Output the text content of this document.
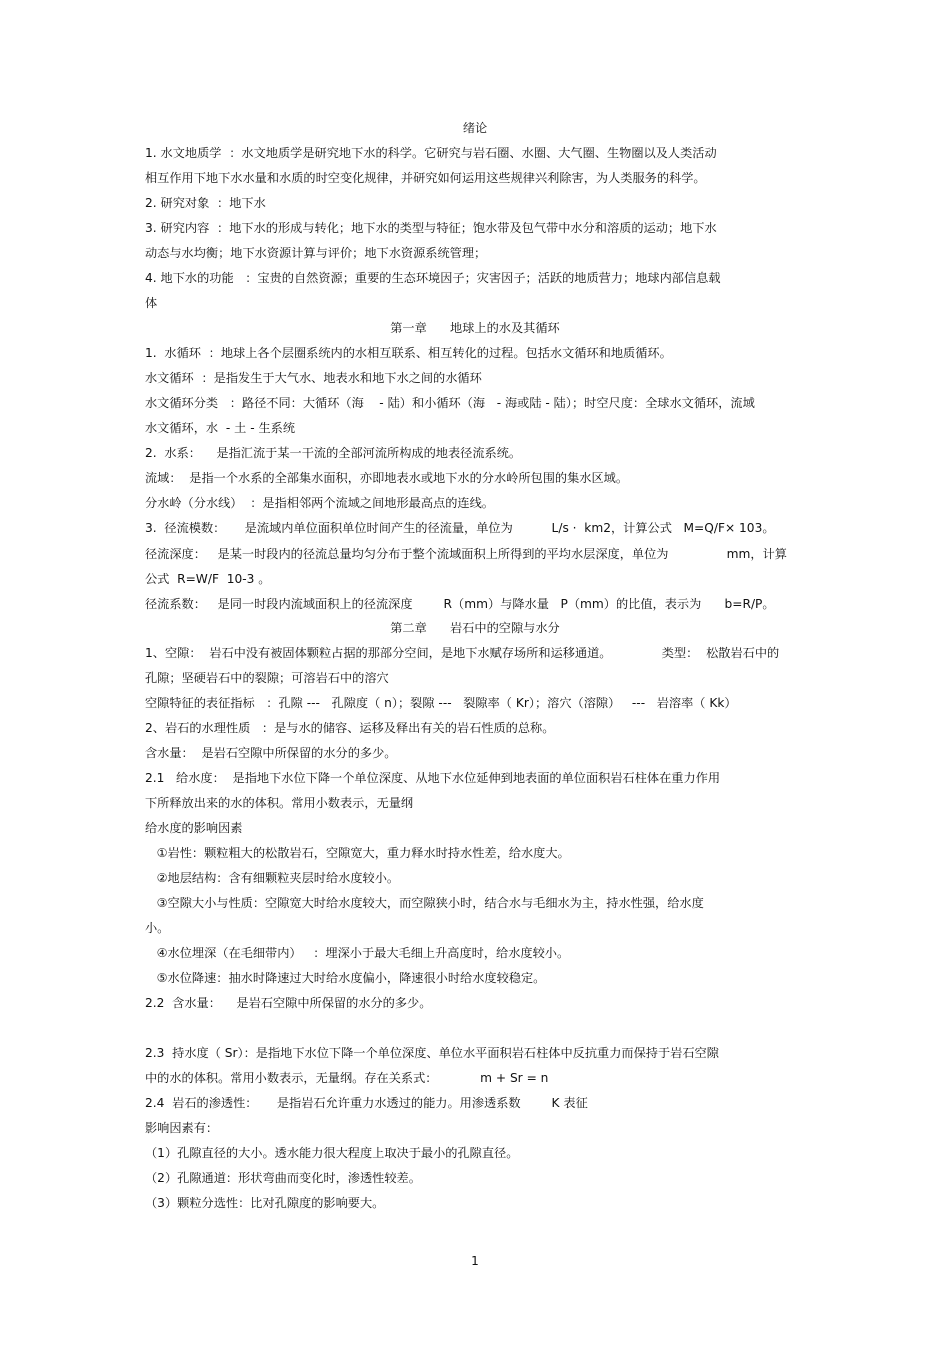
绪论
1. 水文地质学  ：水文地质学是研究地下水的科学。它研究与岩石圈、水圈、大气圈、生物圈以及人类活动
相互作用下地下水水量和水质的时空变化规律，并研究如何运用这些规律兴利除害，为人类服务的科学。
2. 研究对象  ：地下水
3. 研究内容  ：地下水的形成与转化；地下水的类型与特征；饱水带及包气带中水分和溶质的运动；地下水
动态与水均衡；地下水资源计算与评价；地下水资源系统管理；
4. 地下水的功能   ：宝贵的自然资源；重要的生态环境因子；灾害因子；活跃的地质营力；地球内部信息载
体
第一章      地球上的水及其循环
1.  水循环  ：地球上各个层圈系统内的水相互联系、相互转化的过程。包括水文循环和地质循环。
水文循环  ：是指发生于大气水、地表水和地下水之间的水循环
水文循环分类   ：路径不同：大循环（海    - 陆）和小循环（海   - 海或陆 - 陆）；时空尺度：全球水文循环，流域
水文循环，水  - 土 - 生系统
2.  水系：    是指汇流于某一干流的全部河流所构成的地表径流系统。
流域：  是指一个水系的全部集水面积，亦即地表水或地下水的分水岭所包围的集水区域。
分水岭（分水线）  ：是指相邻两个流域之间地形最高点的连线。
3.  径流模数：     是流域内单位面积单位时间产生的径流量，单位为          L/s ·  km2，计算公式   M=Q/F× 103。
径流深度：   是某一时段内的径流总量均匀分布于整个流域面积上所得到的平均水层深度，单位为               mm，计算
公式  R=W/F  10-3 。
径流系数：   是同一时段内流域面积上的径流深度        R（mm）与降水量   P（mm）的比值，表示为      b=R/P。
第二章      岩石中的空隙与水分
1、空隙：  岩石中没有被固体颗粒占据的那部分空间，是地下水赋存场所和运移通道。             类型：  松散岩石中的
孔隙；坚硬岩石中的裂隙；可溶岩石中的溶穴
空隙特征的表征指标   ：孔隙 ---   孔隙度（ n）；裂隙 ---   裂隙率（ Kr）；溶穴（溶隙）   ---   岩溶率（ Kk）
2、岩石的水理性质   ：是与水的储容、运移及释出有关的岩石性质的总称。
含水量：  是岩石空隙中所保留的水分的多少。
2.1   给水度：  是指地下水位下降一个单位深度、从地下水位延伸到地表面的单位面积岩石柱体在重力作用
下所释放出来的水的体积。常用小数表示，无量纲
给水度的影响因素
①岩性：颗粒粗大的松散岩石，空隙宽大，重力释水时持水性差，给水度大。
②地层结构：含有细颗粒夹层时给水度较小。
③空隙大小与性质：空隙宽大时给水度较大，而空隙狭小时，结合水与毛细水为主，持水性强，给水度
小。
④水位埋深（在毛细带内）   ：埋深小于最大毛细上升高度时，给水度较小。
⑤水位降速：抽水时降速过大时给水度偏小，降速很小时给水度较稳定。
2.2  含水量：    是岩石空隙中所保留的水分的多少。
2.3  持水度（ Sr）：是指地下水位下降一个单位深度、单位水平面积岩石柱体中反抗重力而保持于岩石空隙
中的水的体积。常用小数表示，无量纲。存在关系式：           m + Sr = n
2.4  岩石的渗透性：     是指岩石允许重力水透过的能力。用渗透系数        K 表征
影响因素有：
（1）孔隙直径的大小。透水能力很大程度上取决于最小的孔隙直径。
（2）孔隙通道：形状弯曲而变化时，渗透性较差。
（3）颗粒分选性：比对孔隙度的影响要大。
1
